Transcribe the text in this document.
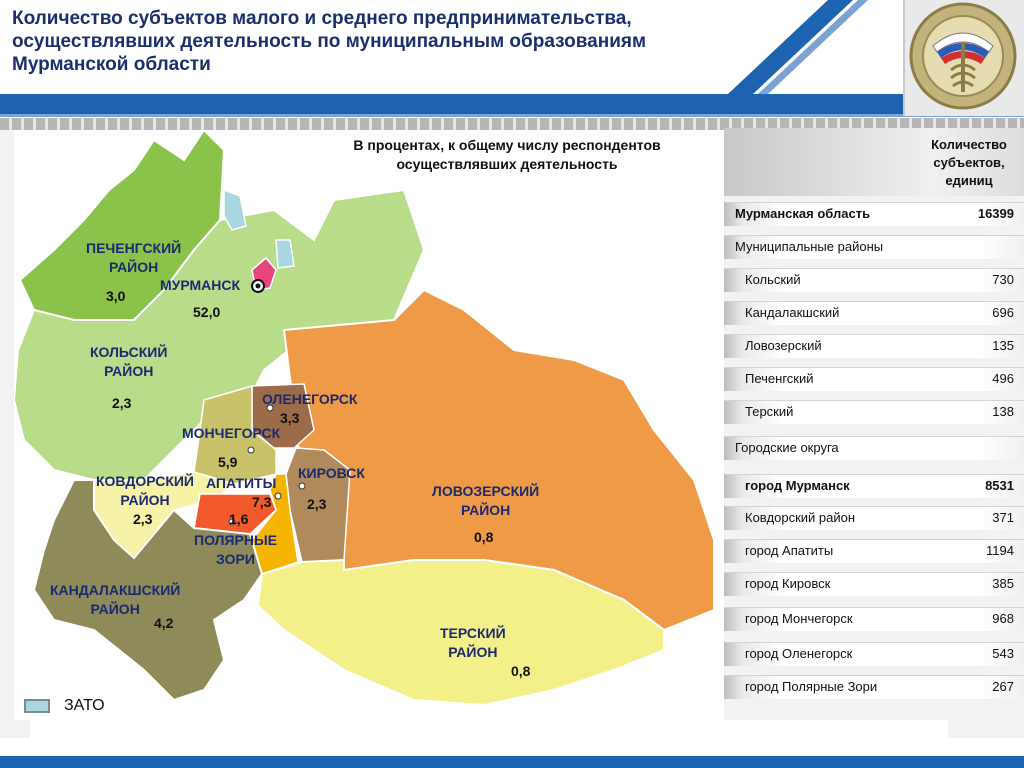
Количество субъектов малого и среднего предпринимательства,
осуществлявших деятельность по муниципальным образованиям
Мурманской области
В процентах, к общему числу респондентов
осуществлявших деятельность
ПЕЧЕНГСКИЙ
РАЙОН
3,0
МУРМАНСК
52,0
КОЛЬСКИЙ
РАЙОН
2,3	ОЛЕНЕГОРСК
3,3
МОНЧЕГОРСК
5,9
КИРОВСК
2,3
КОВДОРСКИЙ
РАЙОН
2,3
АПАТИТЫ
7,3
ПОЛЯРНЫЕ
ЗОРИ
1,6
ЛОВОЗЕРСКИЙ
РАЙОН
0,8
КАНДАЛАКШСКИЙ
РАЙОН
4,2
ТЕРСКИЙ
РАЙОН
0,8
ЗАТО
Количество
субъектов,
единиц
Мурманская область	16399
Муниципальные районы
Кольский	730
Кандалакшский	696
Ловозерский	135
Печенгский	496
Терский	138
Городские округа
город Мурманск	8531
Ковдорский район	371
город Апатиты	1194
город Кировск	385
город Мончегорск	968
город Оленегорск	543
город Полярные Зори	267
